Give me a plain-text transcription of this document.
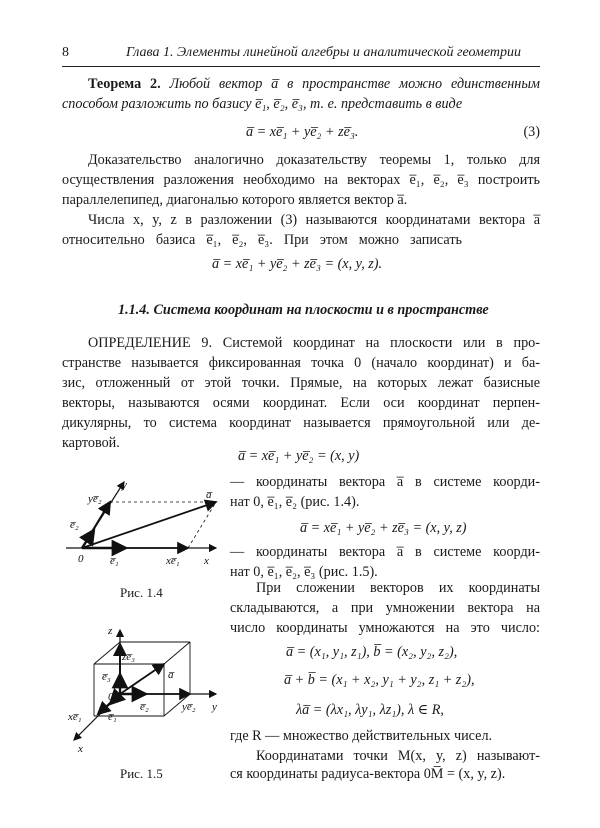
8	Глава 1. Элементы линейной алгебры и аналитической геометрии

Теорема 2. Любой вектор a̅ в пространстве можно единственным

способом разложить по базису e̅₁, e̅₂, e̅₃, т. е. представить в виде

a̅ = xe̅₁ + ye̅₂ + ze̅₃.	(3)

Доказательство аналогично доказательству теоремы 1, только для

осуществления разложения необходимо на векторах e̅₁, e̅₂, e̅₃ построить

параллелепипед, диагональю которого является вектор a̅.

Числа x, y, z в разложении (3) называются координатами вектора a̅

относительно базиса e̅₁, e̅₂, e̅₃. При этом можно записать

a̅ = xe̅₁ + ye̅₂ + ze̅₃ = (x, y, z).
1.1.4. Система координат на плоскости и в пространстве

ОПРЕДЕЛЕНИЕ 9. Системой координат на плоскости или в про-

странстве называется фиксированная точка 0 (начало координат) и ба-

зис, отложенный от этой точки. Прямые, на которых лежат базисные

векторы, называются осями координат. Если оси координат перпен-

дикулярны, то система координат называется прямоугольной или де-

картовой.

a̅ = xe̅₁ + ye̅₂ = (x, y)

— координаты вектора a̅ в системе коорди-

нат 0, e̅₁, e̅₂ (рис. 1.4).

a̅ = xe̅₁ + ye̅₂ + ze̅₃ = (x, y, z)

— координаты вектора a̅ в системе коорди-

нат 0, e̅₁, e̅₂, e̅₃ (рис. 1.5).

При сложении векторов их координаты

складываются, а при умножении вектора на

число координаты умножаются на это число:

a̅ = (x₁, y₁, z₁), b̅ = (x₂, y₂, z₂),
a̅ + b̅ = (x₁ + x₂, y₁ + y₂, z₁ + z₂),
λa̅ = (λx₁, λy₁, λz₁), λ ∈ R,

где R — множество действительных чисел.

Координатами точки M(x, y, z) называют-

ся координаты радиуса-вектора 0M̅ = (x, y, z).

y
ye̅₂
e̅₂
a̅
0 e̅₁	xe̅₁ x
Рис. 1.4
z
ze̅₃
e̅₃	a̅
0
xe̅₁ e̅₁
e̅₂	ye̅₂ y
x
Рис. 1.5
